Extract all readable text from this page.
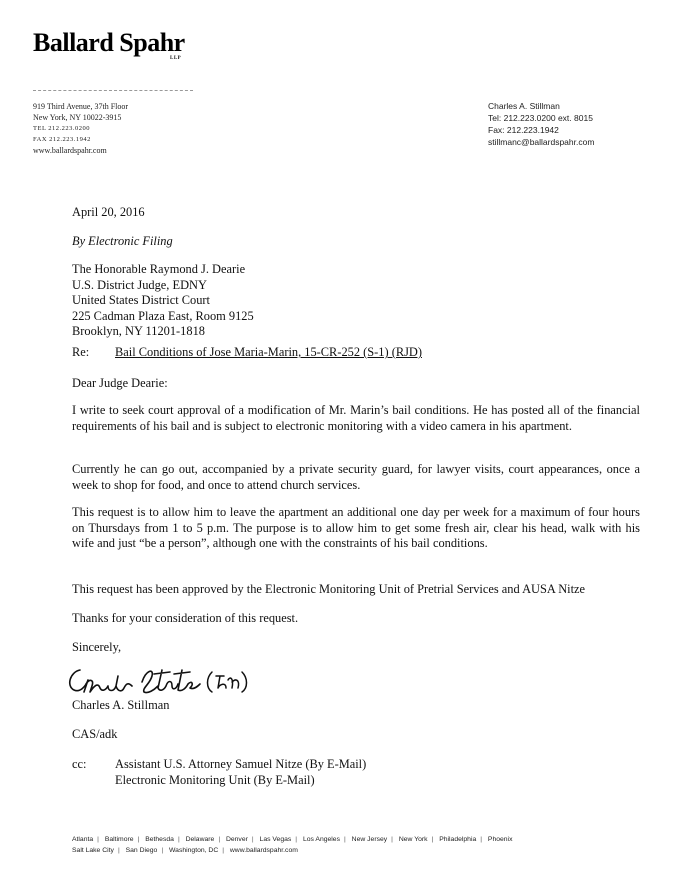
Ballard Spahr
LLP
919 Third Avenue, 37th Floor
New York, NY 10022-3915
TEL 212.223.0200
FAX 212.223.1942
www.ballardspahr.com
Charles A. Stillman
Tel: 212.223.0200 ext. 8015
Fax: 212.223.1942
stillmanc@ballardspahr.com
April 20, 2016
By Electronic Filing
The Honorable Raymond J. Dearie
U.S. District Judge, EDNY
United States District Court
225 Cadman Plaza East, Room 9125
Brooklyn, NY 11201-1818
Re: Bail Conditions of Jose Maria-Marin, 15-CR-252 (S-1) (RJD)
Dear Judge Dearie:
I write to seek court approval of a modification of Mr. Marin’s bail conditions. He has posted all of the financial requirements of his bail and is subject to electronic monitoring with a video camera in his apartment.
Currently he can go out, accompanied by a private security guard, for lawyer visits, court appearances, once a week to shop for food, and once to attend church services.
This request is to allow him to leave the apartment an additional one day per week for a maximum of four hours on Thursdays from 1 to 5 p.m. The purpose is to allow him to get some fresh air, clear his head, walk with his wife and just “be a person”, although one with the constraints of his bail conditions.
This request has been approved by the Electronic Monitoring Unit of Pretrial Services and AUSA Nitze
Thanks for your consideration of this request.
Sincerely,
Charles A. Stillman
CAS/adk
cc: Assistant U.S. Attorney Samuel Nitze (By E-Mail)
Electronic Monitoring Unit (By E-Mail)
Atlanta | Baltimore | Bethesda | Delaware | Denver | Las Vegas | Los Angeles | New Jersey | New York | Philadelphia | Phoenix
Salt Lake City | San Diego | Washington, DC | www.ballardspahr.com
